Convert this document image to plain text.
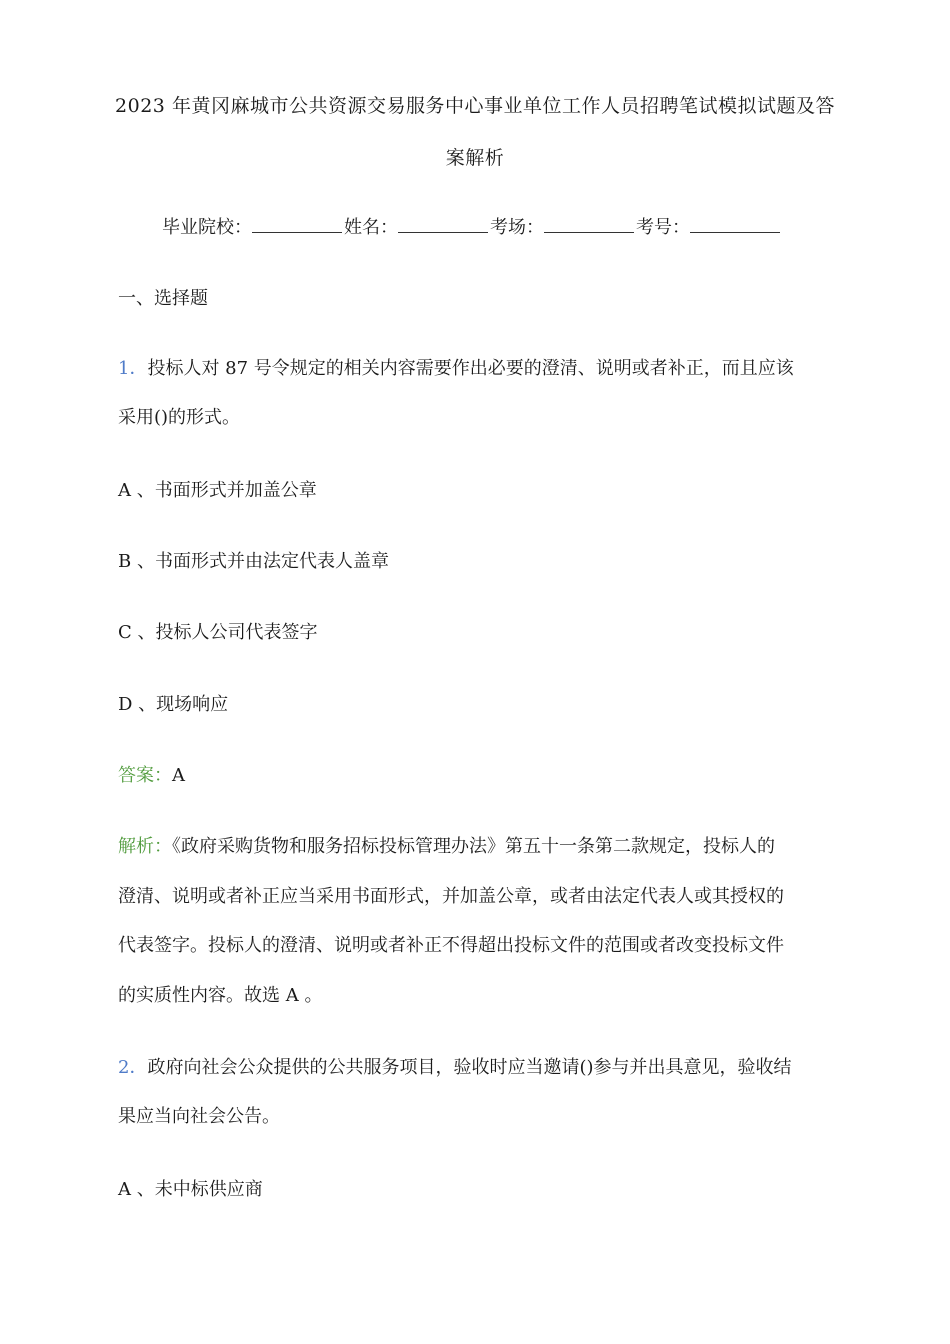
2023 年黄冈麻城市公共资源交易服务中心事业单位工作人员招聘笔试模拟试题及答
案解析
毕业院校：	姓名：	考场：	考号：
一、选择题
1．投标人对 87 号令规定的相关内容需要作出必要的澄清、说明或者补正，而且应该
采用()的形式。
A 、书面形式并加盖公章
B 、书面形式并由法定代表人盖章
C 、投标人公司代表签字
D 、现场响应
答案：A
解析：《政府采购货物和服务招标投标管理办法》第五十一条第二款规定，投标人的
澄清、说明或者补正应当采用书面形式，并加盖公章，或者由法定代表人或其授权的
代表签字。投标人的澄清、说明或者补正不得超出投标文件的范围或者改变投标文件
的实质性内容。故选 A 。
2．政府向社会公众提供的公共服务项目，验收时应当邀请()参与并出具意见，验收结
果应当向社会公告。
A 、未中标供应商
